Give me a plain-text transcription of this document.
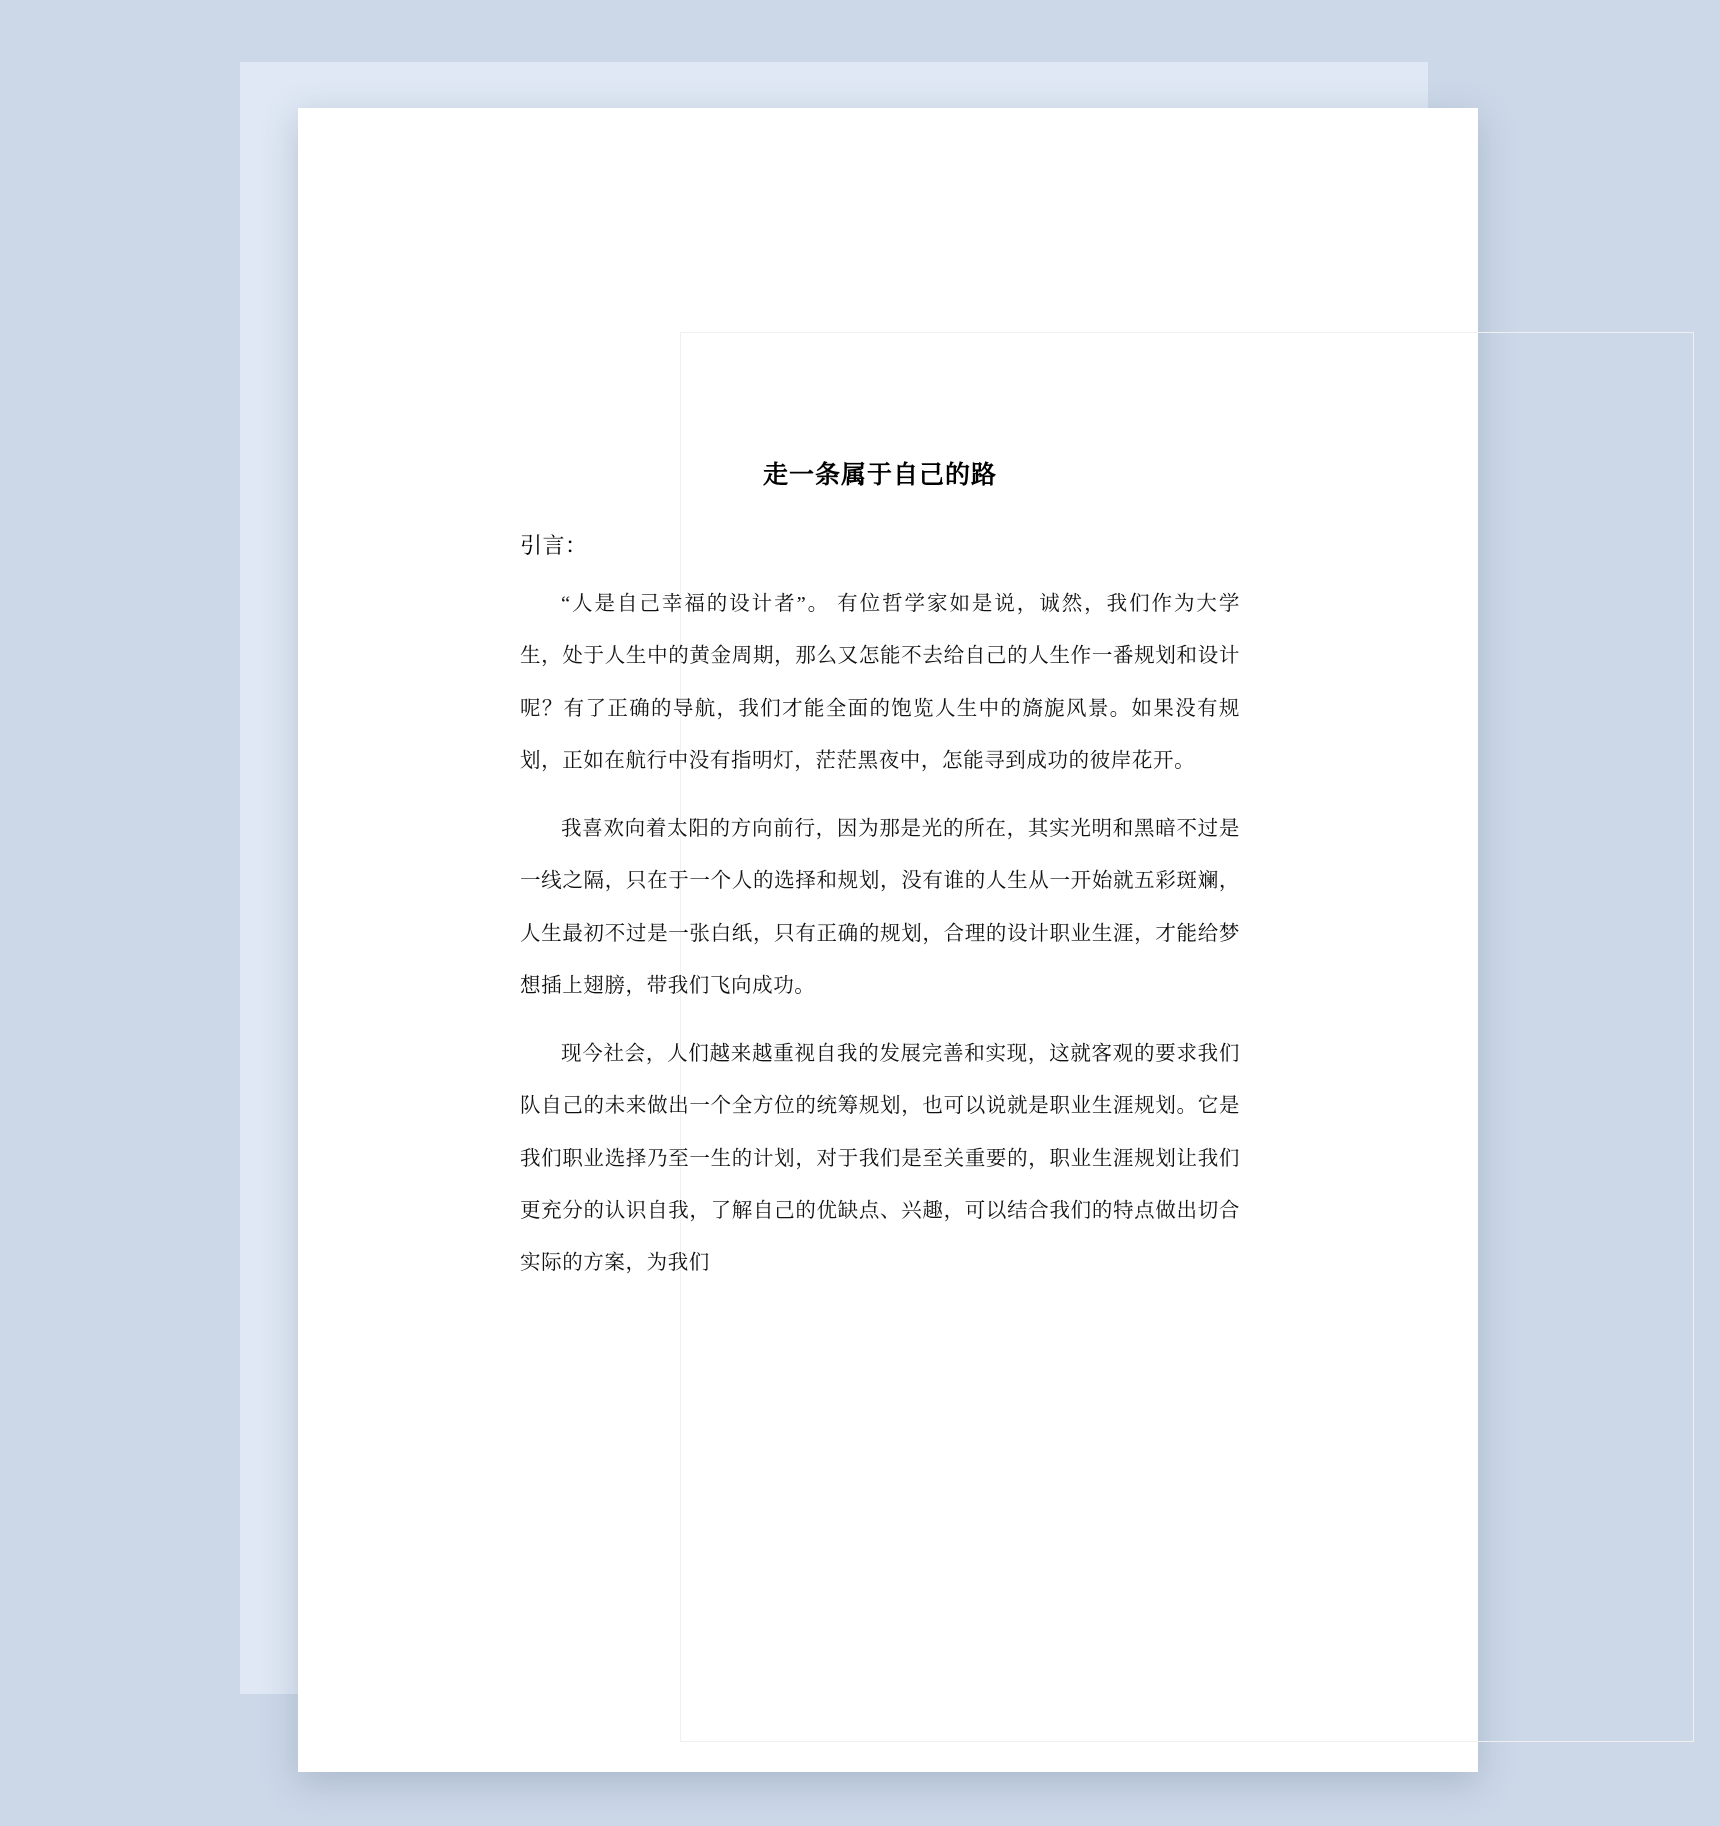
走一条属于自己的路
引言：

“人是自己幸福的设计者”。 有位哲学家如是说，诚然，我们作为大学生，处于人生中的黄金周期，那么又怎能不去给自己的人生作一番规划和设计呢？有了正确的导航，我们才能全面的饱览人生中的旖旎风景。如果没有规划，正如在航行中没有指明灯，茫茫黑夜中，怎能寻到成功的彼岸花开。

我喜欢向着太阳的方向前行，因为那是光的所在，其实光明和黑暗不过是一线之隔，只在于一个人的选择和规划，没有谁的人生从一开始就五彩斑斓，人生最初不过是一张白纸，只有正确的规划，合理的设计职业生涯，才能给梦想插上翅膀，带我们飞向成功。

现今社会，人们越来越重视自我的发展完善和实现，这就客观的要求我们队自己的未来做出一个全方位的统筹规划，也可以说就是职业生涯规划。它是我们职业选择乃至一生的计划，对于我们是至关重要的，职业生涯规划让我们更充分的认识自我，了解自己的优缺点、兴趣，可以结合我们的特点做出切合实际的方案，为我们
